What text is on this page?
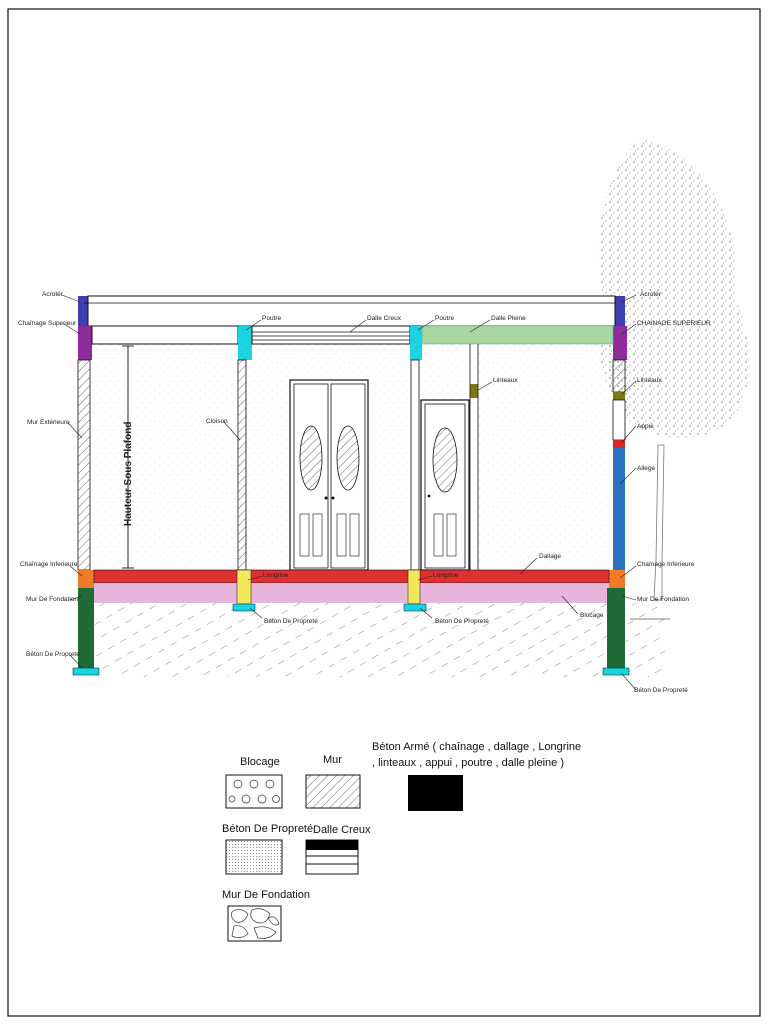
Hauteur Sous Plafond
Acrotér
Chaînage Superieur
Mur Extérieure	Cloison
Poutre	Dalle Creux	Poutre	Dalle Pleine
Linteaux
Acrotér
CHAINAGE SUPERIEUR
Linteaux
Appui
Allege
Dallage
Chaînage Inferieure
Mur De Fondation
Béton De Propreté
Longrine	Longrine
Béton De Propreté	Béton De Propreté
Blocage
Chaînage Inferieure
Mur De Fondation
Béton De Propreté
Blocage	Mur
Béton Armé ( chaînage , dallage , Longrine
, linteaux , appui , poutre , dalle pleine )
Béton De Propreté Dalle Creux
Mur De Fondation
